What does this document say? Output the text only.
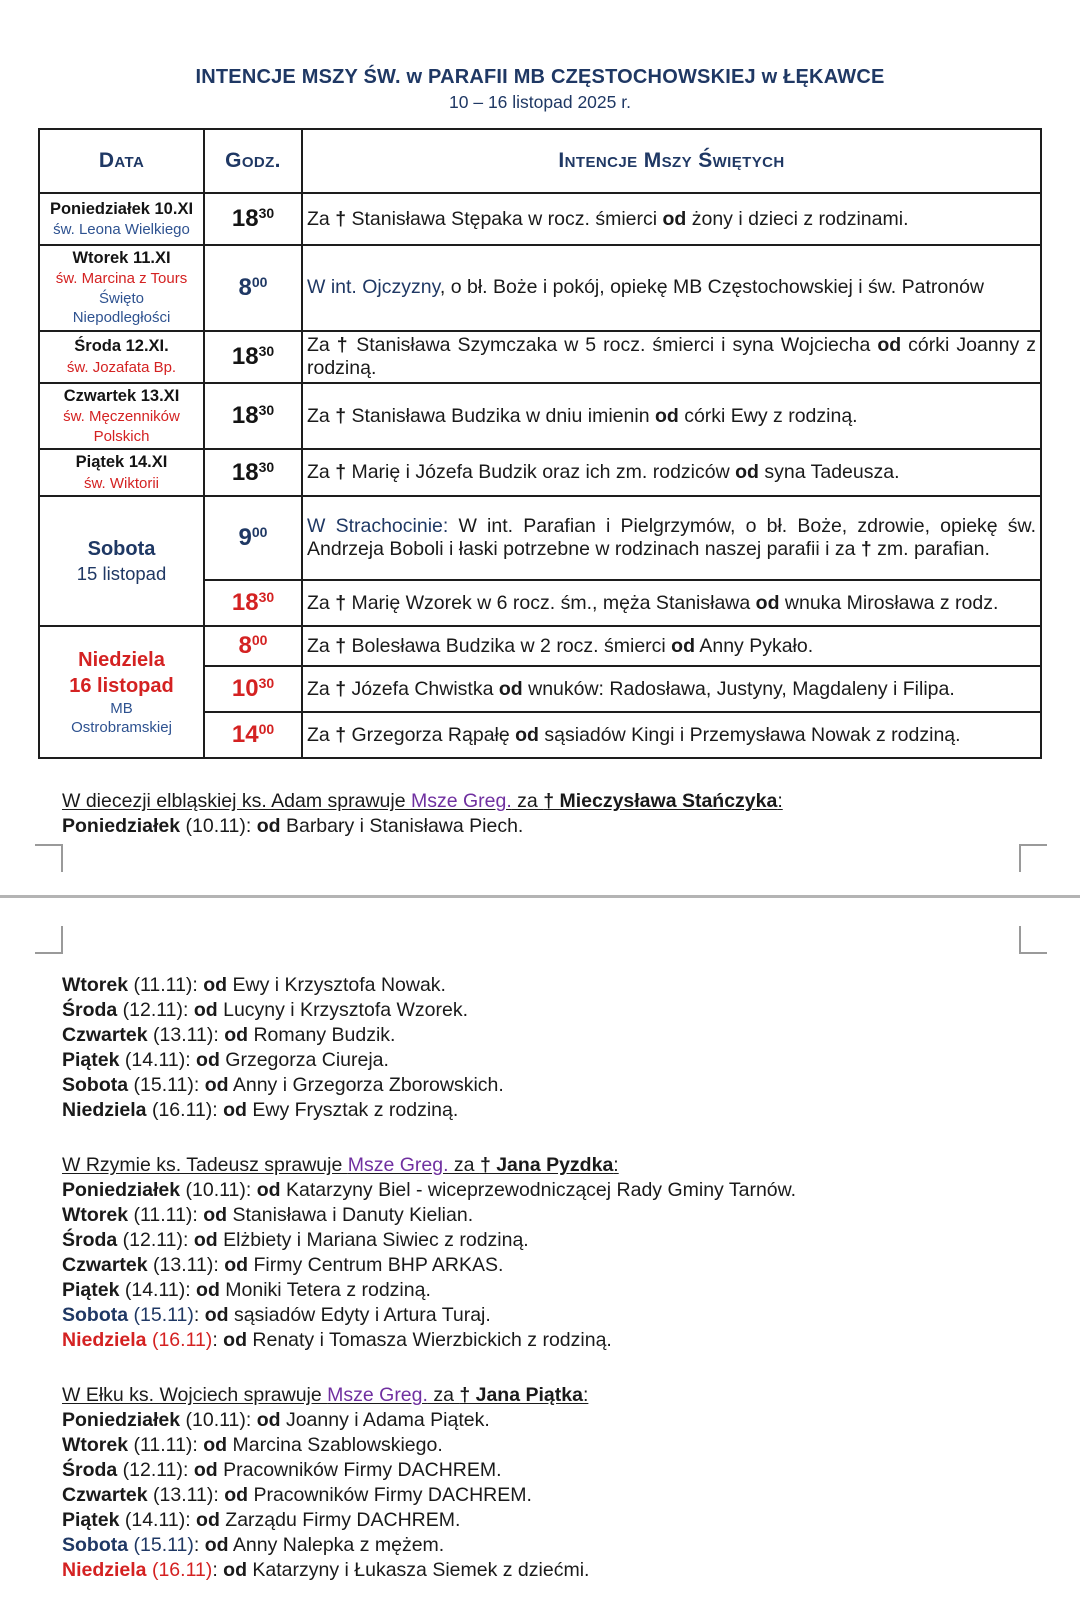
INTENCJE MSZY ŚW. w PARAFII MB CZĘSTOCHOWSKIEJ w ŁĘKAWCE
10 – 16 listopad 2025 r.
Data	Godz.	Intencje Mszy Świętych

Poniedziałek 10.XI
św. Leona Wielkiego	$18^{30}$	Za † Stanisława Stępaka w rocz. śmierci od żony i dzieci z rodzinami.

Wtorek 11.XI
św. Marcina z Tours
Święto
Niepodległości	$8^{00}$	W int. Ojczyzny, o bł. Boże i pokój, opiekę MB Częstochowskiej i św. Patronów

Środa 12.XI.
św. Jozafata Bp.	$18^{30}$	Za † Stanisława Szymczaka w 5 rocz. śmierci i syna Wojciecha od córki Joanny z rodziną.

Czwartek 13.XI
św. Męczenników
Polskich	$18^{30}$	Za † Stanisława Budzika w dniu imienin od córki Ewy z rodziną.

Piątek 14.XI
św. Wiktorii	$18^{30}$	Za † Marię i Józefa Budzik oraz ich zm. rodziców od syna Tadeusza.

Sobota
15 listopad	$9^{00}$	W Strachocinie: W int. Parafian i Pielgrzymów, o bł. Boże, zdrowie, opiekę św. Andrzeja Boboli i łaski potrzebne w rodzinach naszej parafii i za † zm. parafian.
	$18^{30}$	Za † Marię Wzorek w 6 rocz. śm., męża Stanisława od wnuka Mirosława z rodz.

Niedziela
16 listopad
MB
Ostrobramskiej	$8^{00}$	Za † Bolesława Budzika w 2 rocz. śmierci od Anny Pykało.
	$10^{30}$	Za † Józefa Chwistka od wnuków: Radosława, Justyny, Magdaleny i Filipa.
	$14^{00}$	Za † Grzegorza Rąpałę od sąsiadów Kingi i Przemysława Nowak z rodziną.
W diecezji elbląskiej ks. Adam sprawuje Msze Greg. za † Mieczysława Stańczyka:
Poniedziałek (10.11): od Barbary i Stanisława Piech.
Wtorek (11.11): od Ewy i Krzysztofa Nowak.
Środa (12.11): od Lucyny i Krzysztofa Wzorek.
Czwartek (13.11): od Romany Budzik.
Piątek (14.11): od Grzegorza Ciureja.
Sobota (15.11): od Anny i Grzegorza Zborowskich.
Niedziela (16.11): od Ewy Frysztak z rodziną.
W Rzymie ks. Tadeusz sprawuje Msze Greg. za † Jana Pyzdka:
Poniedziałek (10.11): od Katarzyny Biel - wiceprzewodniczącej Rady Gminy Tarnów.
Wtorek (11.11): od Stanisława i Danuty Kielian.
Środa (12.11): od Elżbiety i Mariana Siwiec z rodziną.
Czwartek (13.11): od Firmy Centrum BHP ARKAS.
Piątek (14.11): od Moniki Tetera z rodziną.
Sobota (15.11): od sąsiadów Edyty i Artura Turaj.
Niedziela (16.11): od Renaty i Tomasza Wierzbickich z rodziną.
W Ełku ks. Wojciech sprawuje Msze Greg. za † Jana Piątka:
Poniedziałek (10.11): od Joanny i Adama Piątek.
Wtorek (11.11): od Marcina Szablowskiego.
Środa (12.11): od Pracowników Firmy DACHREM.
Czwartek (13.11): od Pracowników Firmy DACHREM.
Piątek (14.11): od Zarządu Firmy DACHREM.
Sobota (15.11): od Anny Nalepka z mężem.
Niedziela (16.11): od Katarzyny i Łukasza Siemek z dziećmi.
